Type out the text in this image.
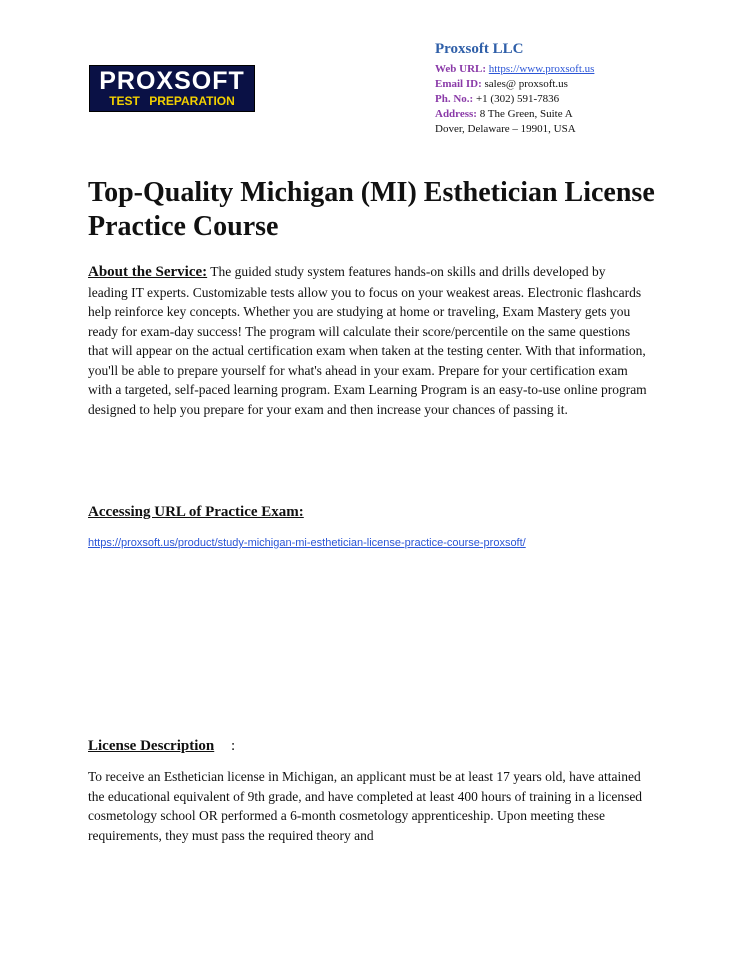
PROXSOFT
TEST PREPARATION
Proxsoft LLC
Web URL: https://www.proxsoft.us
Email ID: sales@ proxsoft.us
Ph. No.: +1 (302) 591-7836
Address: 8 The Green, Suite A
Dover, Delaware – 19901, USA
Top-Quality Michigan (MI) Esthetician License Practice Course
About the Service: The guided study system features hands-on skills and drills developed by leading IT experts. Customizable tests allow you to focus on your weakest areas. Electronic flashcards help reinforce key concepts. Whether you are studying at home or traveling, Exam Mastery gets you ready for exam-day success! The program will calculate their score/percentile on the same questions that will appear on the actual certification exam when taken at the testing center. With that information, you'll be able to prepare yourself for what's ahead in your exam. Prepare for your certification exam with a targeted, self-paced learning program. Exam Learning Program is an easy-to-use online program designed to help you prepare for your exam and then increase your chances of passing it.
Accessing URL of Practice Exam:
https://proxsoft.us/product/study-michigan-mi-esthetician-license-practice-course-proxsoft/
License Description :
To receive an Esthetician license in Michigan, an applicant must be at least 17 years old, have attained the educational equivalent of 9th grade, and have completed at least 400 hours of training in a licensed cosmetology school OR performed a 6-month cosmetology apprenticeship. Upon meeting these requirements, they must pass the required theory and
